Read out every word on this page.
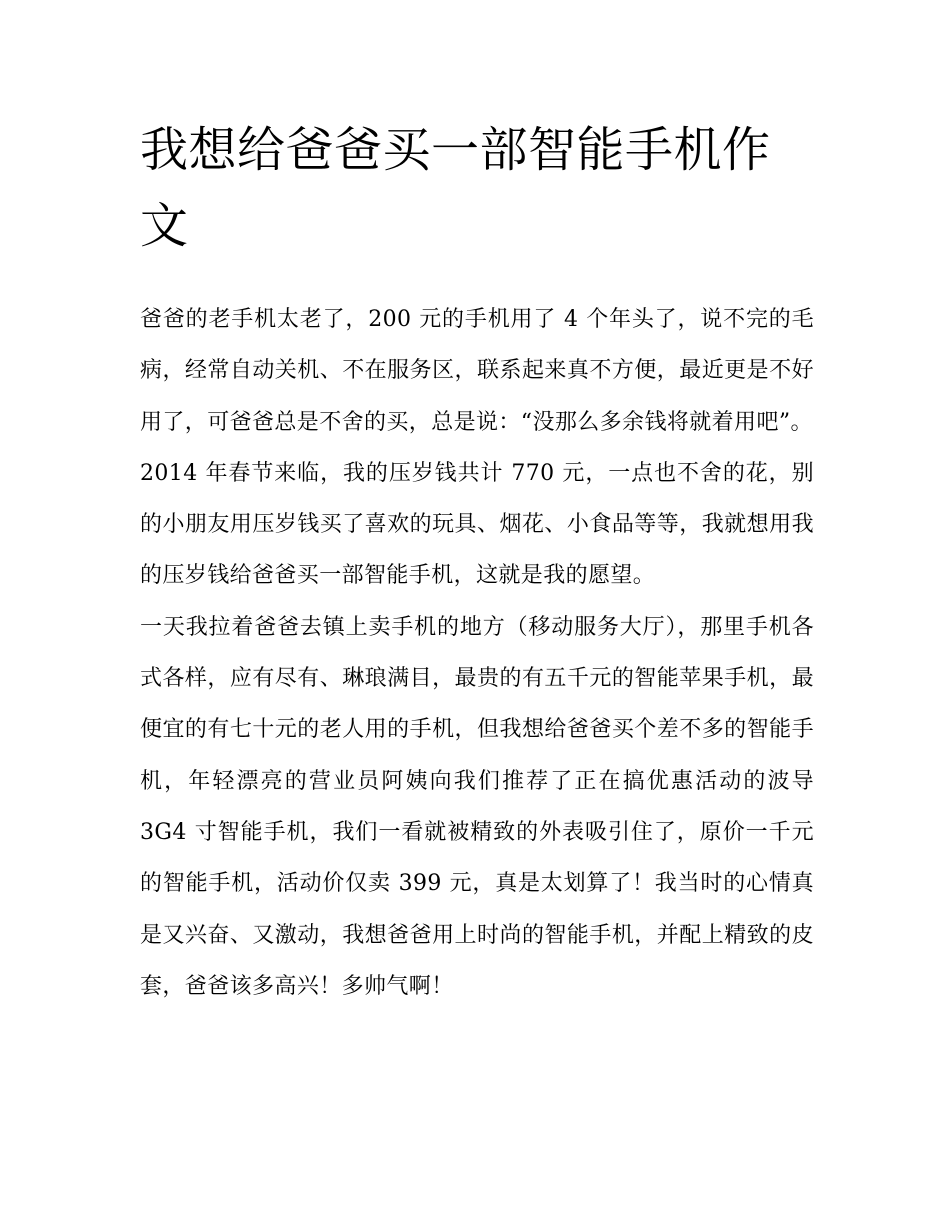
我想给爸爸买一部智能手机作文

爸爸的老手机太老了，200 元的手机用了 4 个年头了，说不完的毛病，经常自动关机、不在服务区，联系起来真不方便，最近更是不好用了，可爸爸总是不舍的买，总是说：“没那么多余钱将就着用吧”。

2014 年春节来临，我的压岁钱共计 770 元，一点也不舍的花，别的小朋友用压岁钱买了喜欢的玩具、烟花、小食品等等，我就想用我的压岁钱给爸爸买一部智能手机，这就是我的愿望。

一天我拉着爸爸去镇上卖手机的地方（移动服务大厅），那里手机各式各样，应有尽有、琳琅满目，最贵的有五千元的智能苹果手机，最便宜的有七十元的老人用的手机，但我想给爸爸买个差不多的智能手机，年轻漂亮的营业员阿姨向我们推荐了正在搞优惠活动的波导 3G4 寸智能手机，我们一看就被精致的外表吸引住了，原价一千元的智能手机，活动价仅卖 399 元，真是太划算了！我当时的心情真是又兴奋、又激动，我想爸爸用上时尚的智能手机，并配上精致的皮套，爸爸该多高兴！多帅气啊！
